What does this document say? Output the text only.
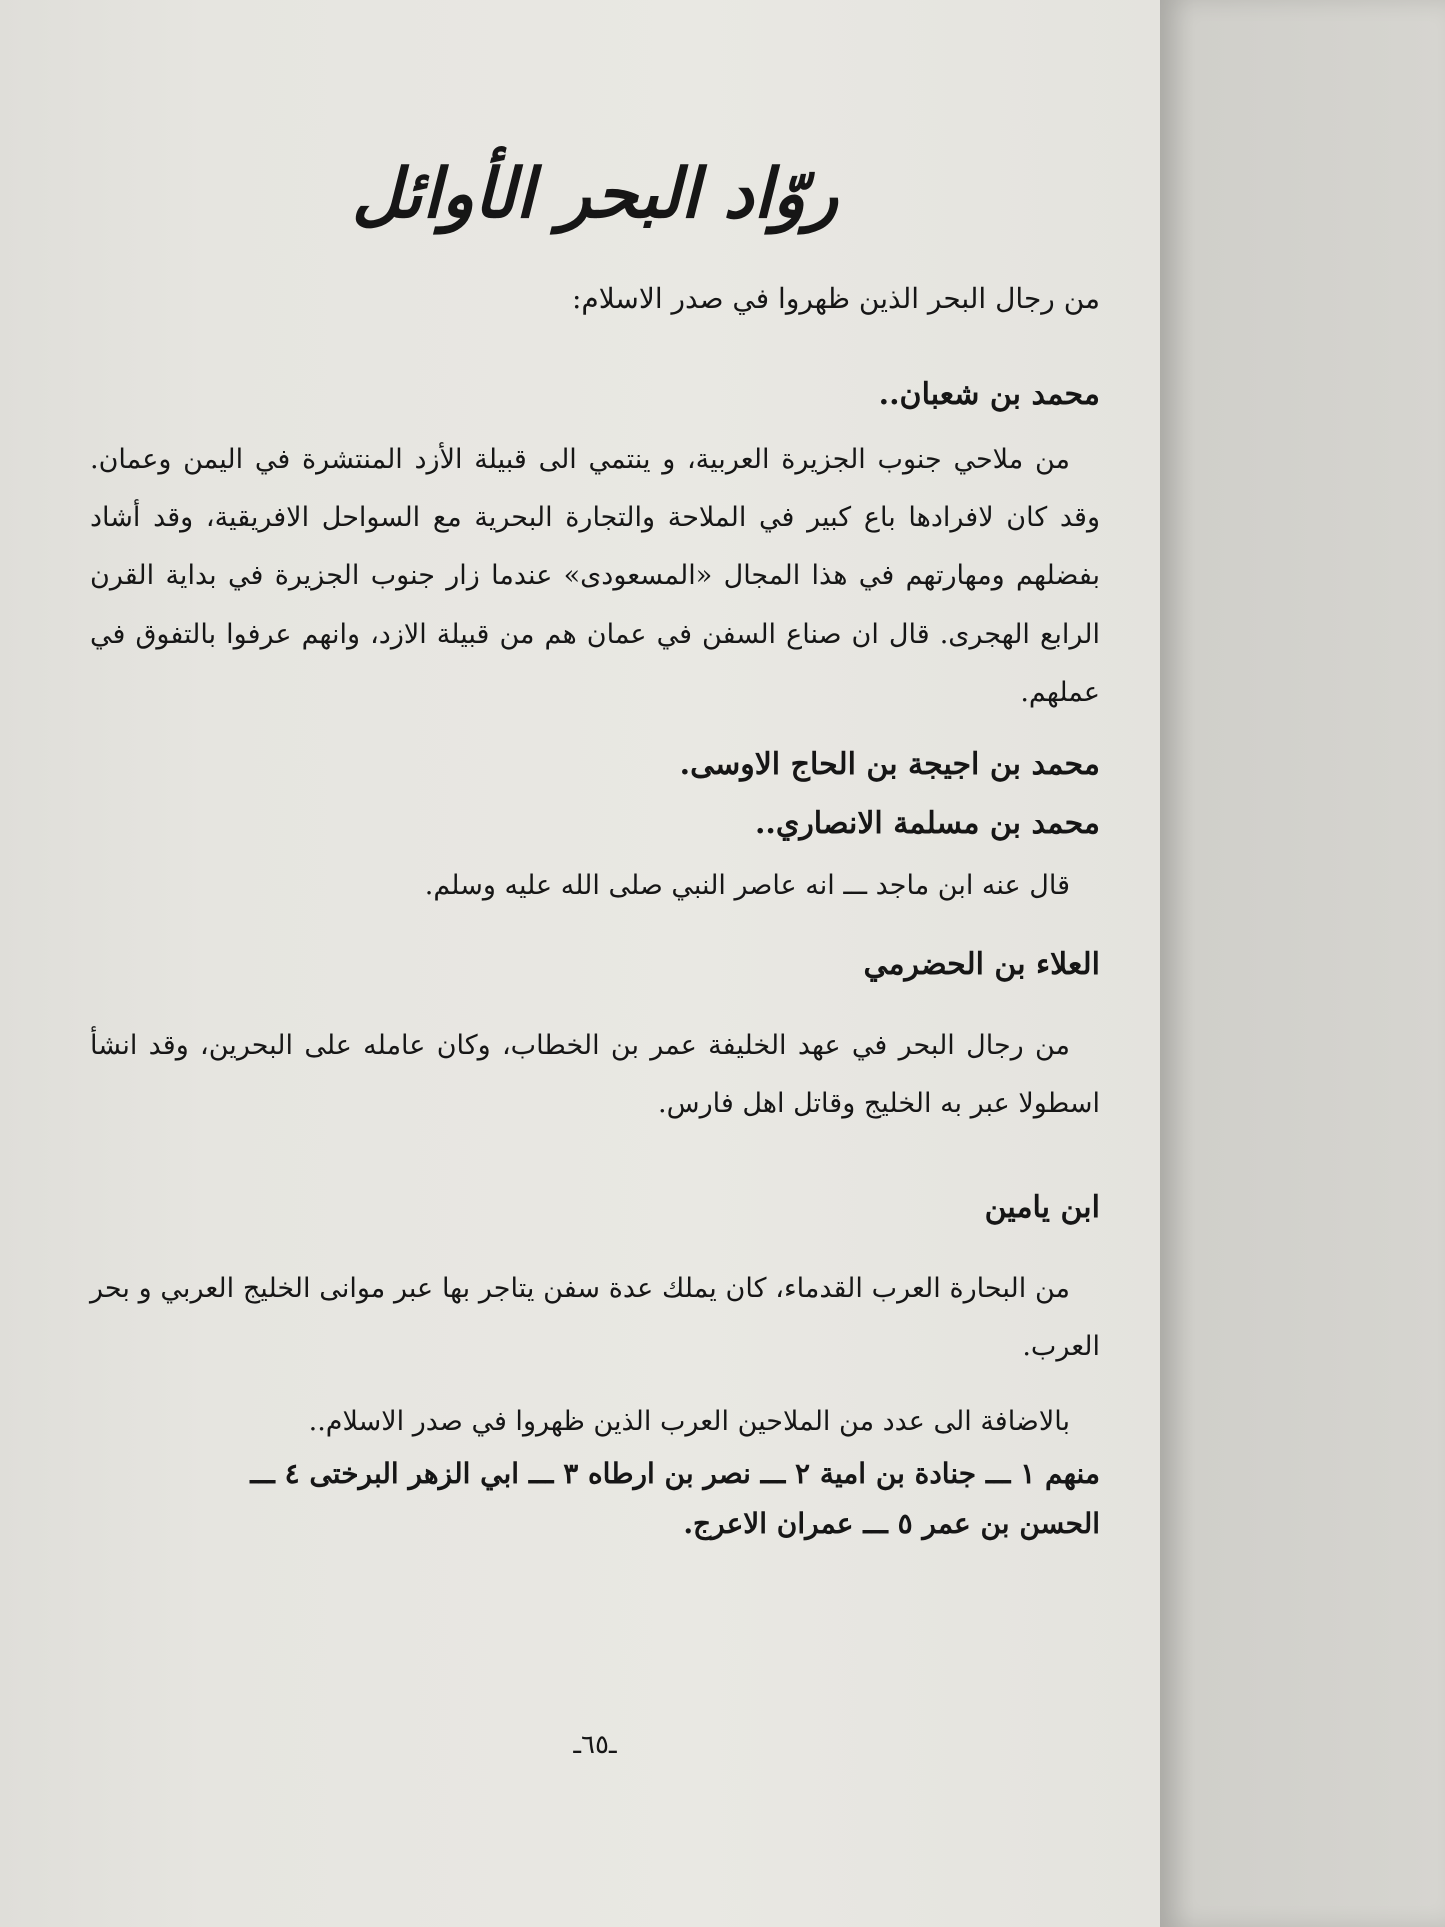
روّاد البحر الأوائل
من رجال البحر الذين ظهروا في صدر الاسلام:
محمد بن شعبان..
من ملاحي جنوب الجزيرة العربية، و ينتمي الى قبيلة الأزد المنتشرة في اليمن وعمان. وقد كان لافرادها باع كبير في الملاحة والتجارة البحرية مع السواحل الافريقية، وقد أشاد بفضلهم ومهارتهم في هذا المجال «المسعودى» عندما زار جنوب الجزيرة في بداية القرن الرابع الهجرى. قال ان صناع السفن في عمان هم من قبيلة الازد، وانهم عرفوا بالتفوق في عملهم.
محمد بن اجيجة بن الحاج الاوسى.
محمد بن مسلمة الانصاري..
قال عنه ابن ماجد ـــ انه عاصر النبي صلى الله عليه وسلم.
العلاء بن الحضرمي
من رجال البحر في عهد الخليفة عمر بن الخطاب، وكان عامله على البحرين، وقد انشأ اسطولا عبر به الخليج وقاتل اهل فارس.
ابن يامين
من البحارة العرب القدماء، كان يملك عدة سفن يتاجر بها عبر موانى الخليج العربي و بحر العرب.
بالاضافة الى عدد من الملاحين العرب الذين ظهروا في صدر الاسلام..
منهم ١ ـــ جنادة بن امية ٢ ـــ نصر بن ارطاه ٣ ـــ ابي الزهر البرختى ٤ ـــ
الحسن بن عمر ٥ ـــ عمران الاعرج.
ـ٦٥ـ
